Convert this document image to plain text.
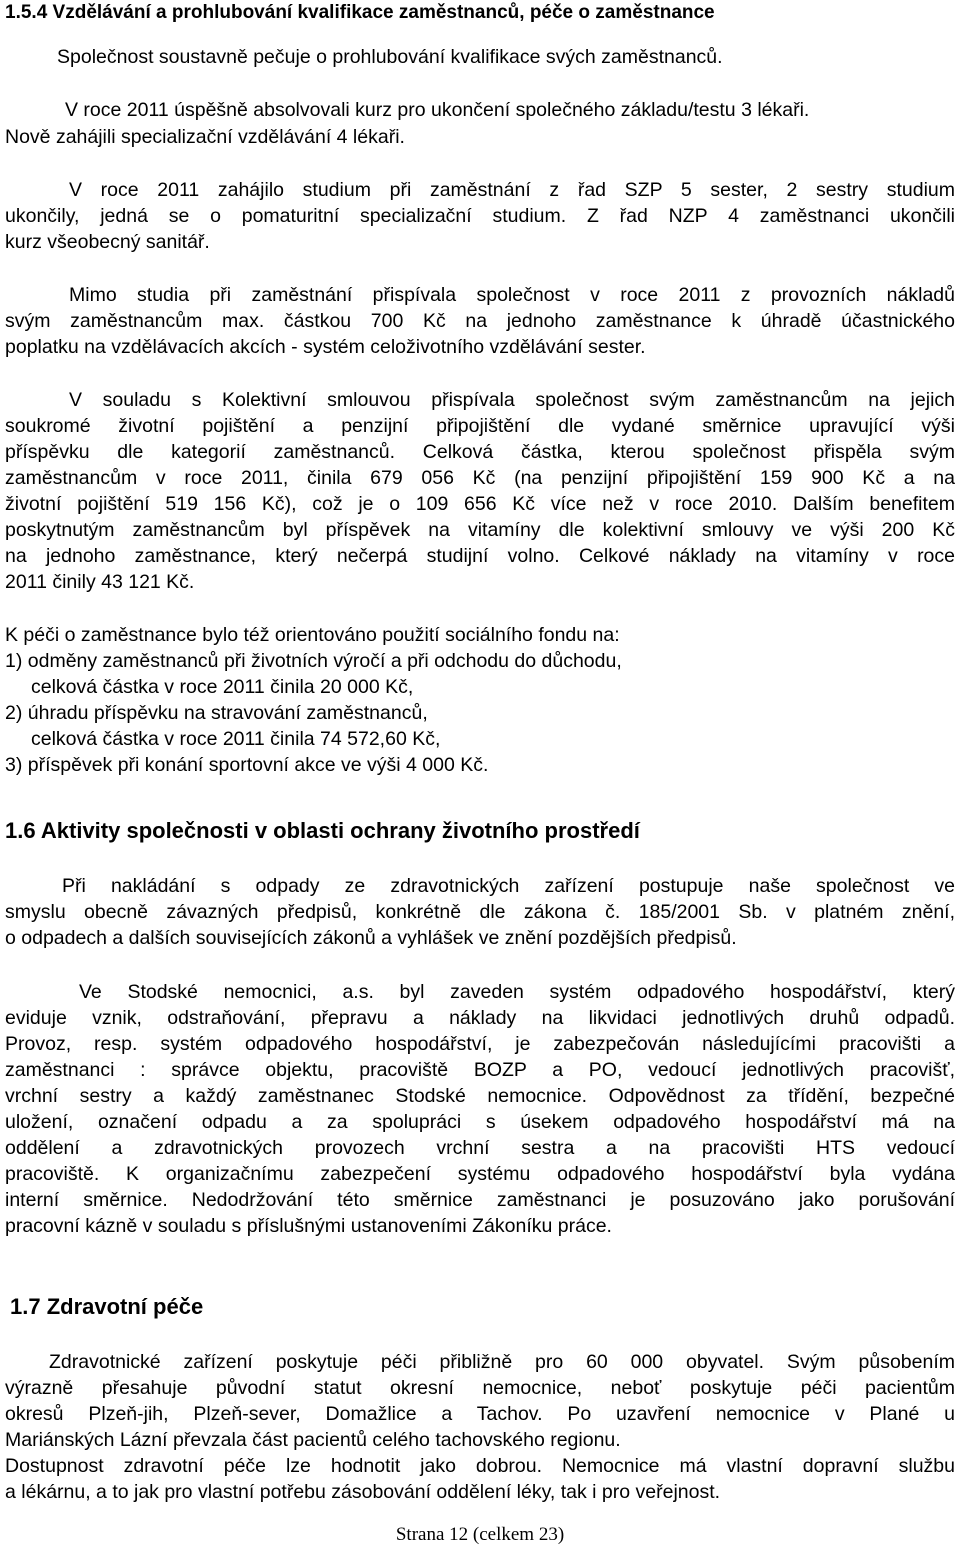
1.5.4 Vzdělávání a prohlubování kvalifikace zaměstnanců, péče o zaměstnance

Společnost soustavně pečuje o prohlubování kvalifikace svých zaměstnanců.

V roce 2011 úspěšně absolvovali kurz pro ukončení společného základu/testu 3 lékaři.

Nově zahájili specializační vzdělávání 4 lékaři.

V roce 2011 zahájilo studium při zaměstnání z řad SZP 5 sester, 2 sestry studium

ukončily, jedná se o pomaturitní specializační studium. Z řad NZP 4 zaměstnanci ukončili

kurz všeobecný sanitář.

Mimo studia při zaměstnání přispívala společnost v roce 2011 z provozních nákladů

svým zaměstnancům max. částkou 700 Kč na jednoho zaměstnance k úhradě účastnického

poplatku na vzdělávacích akcích - systém celoživotního vzdělávání sester.

V souladu s Kolektivní smlouvou přispívala společnost svým zaměstnancům na jejich

soukromé životní pojištění a penzijní připojištění dle vydané směrnice upravující výši

příspěvku dle kategorií zaměstnanců. Celková částka, kterou společnost přispěla svým

zaměstnancům v roce 2011, činila 679 056 Kč (na penzijní připojištění 159 900 Kč a na

životní pojištění 519 156 Kč), což je o 109 656 Kč více než v roce 2010. Dalším benefitem

poskytnutým zaměstnancům byl příspěvek na vitamíny dle kolektivní smlouvy ve výši 200 Kč

na jednoho zaměstnance, který nečerpá studijní volno. Celkové náklady na vitamíny v roce

2011 činily 43 121 Kč.

K péči o zaměstnance bylo též orientováno použití sociálního fondu na:

1) odměny zaměstnanců při životních výročí a při odchodu do důchodu,

celková částka v roce 2011 činila 20 000 Kč,

2) úhradu příspěvku na stravování zaměstnanců,

celková částka v roce 2011 činila 74 572,60 Kč,

3) příspěvek při konání sportovní akce ve výši 4 000 Kč.

1.6 Aktivity společnosti v oblasti ochrany životního prostředí

Při nakládání s odpady ze zdravotnických zařízení postupuje naše společnost ve

smyslu obecně závazných předpisů, konkrétně dle zákona č. 185/2001 Sb. v platném znění,

o odpadech a dalších souvisejících zákonů a vyhlášek ve znění pozdějších předpisů.

Ve Stodské nemocnici, a.s. byl zaveden systém odpadového hospodářství, který

eviduje vznik, odstraňování, přepravu a náklady na likvidaci jednotlivých druhů odpadů.

Provoz, resp. systém odpadového hospodářství, je zabezpečován následujícími pracovišti a

zaměstnanci : správce objektu, pracoviště BOZP a PO, vedoucí jednotlivých pracovišť,

vrchní sestry a každý zaměstnanec Stodské nemocnice. Odpovědnost za třídění, bezpečné

uložení, označení odpadu a za spolupráci s úsekem odpadového hospodářství má na

oddělení a zdravotnických provozech vrchní sestra a na pracovišti HTS vedoucí

pracoviště. K organizačnímu zabezpečení systému odpadového hospodářství byla vydána

interní směrnice. Nedodržování této směrnice zaměstnanci je posuzováno jako porušování

pracovní kázně v souladu s příslušnými ustanoveními Zákoníku práce.

1.7 Zdravotní péče

Zdravotnické zařízení poskytuje péči přibližně pro 60 000 obyvatel. Svým působením

výrazně přesahuje původní statut okresní nemocnice, neboť poskytuje péči pacientům

okresů Plzeň-jih, Plzeň-sever, Domažlice a Tachov. Po uzavření nemocnice v Plané u

Mariánských Lázní převzala část pacientů celého tachovského regionu.

Dostupnost zdravotní péče lze hodnotit jako dobrou. Nemocnice má vlastní dopravní službu

a lékárnu, a to jak pro vlastní potřebu zásobování oddělení léky, tak i pro veřejnost.

Strana 12 (celkem 23)
